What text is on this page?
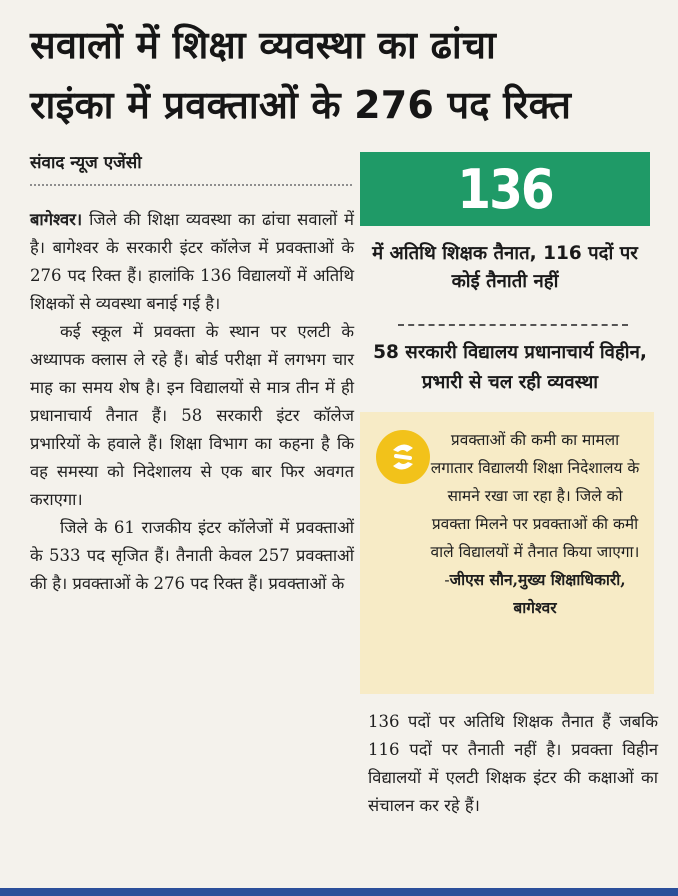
सवालों में शिक्षा व्यवस्था का ढांचा
राइंका में प्रवक्ताओं के 276 पद रिक्त
संवाद न्यूज एजेंसी

बागेश्वर। जिले की शिक्षा व्यवस्था का ढांचा सवालों में है। बागेश्वर के सरकारी इंटर कॉलेज में प्रवक्ताओं के 276 पद रिक्त हैं। हालांकि 136 विद्यालयों में अतिथि शिक्षकों से व्यवस्था बनाई गई है।

कई स्कूल में प्रवक्ता के स्थान पर एलटी के अध्यापक क्लास ले रहे हैं। बोर्ड परीक्षा में लगभग चार माह का समय शेष है। इन विद्यालयों से मात्र तीन में ही प्रधानाचार्य तैनात हैं। 58 सरकारी इंटर कॉलेज प्रभारियों के हवाले हैं। शिक्षा विभाग का कहना है कि वह समस्या को निदेशालय से एक बार फिर अवगत कराएगा।

जिले के 61 राजकीय इंटर कॉलेजों में प्रवक्ताओं के 533 पद सृजित हैं। तैनाती केवल 257 प्रवक्ताओं की है। प्रवक्ताओं के 276 पद रिक्त हैं। प्रवक्ताओं के

136
में अतिथि शिक्षक तैनात, 116 पदों पर कोई तैनाती नहीं
58 सरकारी विद्यालय प्रधानाचार्य विहीन, प्रभारी से चल रही व्यवस्था
प्रवक्ताओं की कमी का मामला लगातार विद्यालयी शिक्षा निदेशालय के सामने रखा जा रहा है। जिले को प्रवक्ता मिलने पर प्रवक्ताओं की कमी वाले विद्यालयों में तैनात किया जाएगा। -जीएस सौन,मुख्य शिक्षाधिकारी, बागेश्वर

136 पदों पर अतिथि शिक्षक तैनात हैं जबकि 116 पदों पर तैनाती नहीं है। प्रवक्ता विहीन विद्यालयों में एलटी शिक्षक इंटर की कक्षाओं का संचालन कर रहे हैं।
